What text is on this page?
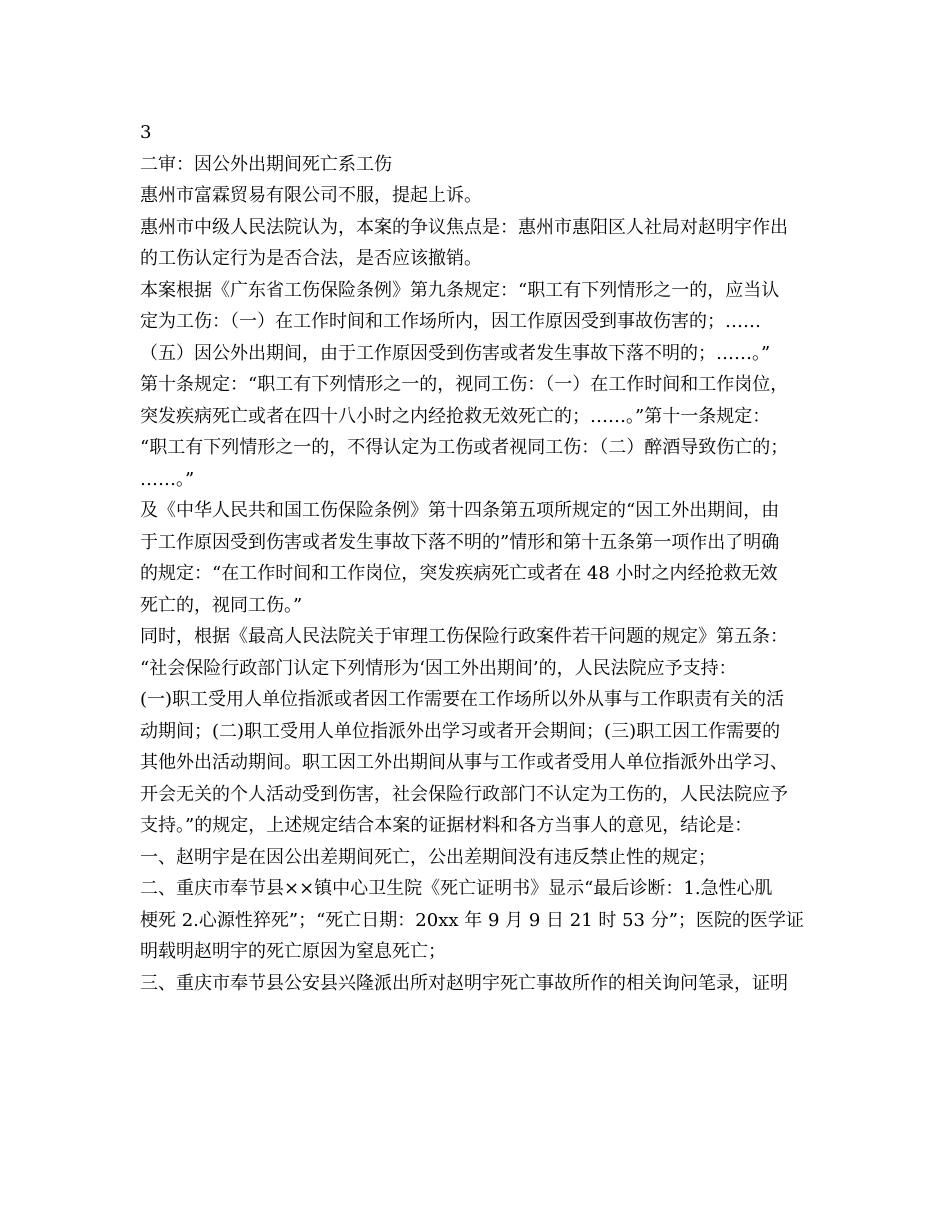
3

二审：因公外出期间死亡系工伤

惠州市富霖贸易有限公司不服，提起上诉。

惠州市中级人民法院认为，本案的争议焦点是：惠州市惠阳区人社局对赵明宇作出

的工伤认定行为是否合法，是否应该撤销。

本案根据《广东省工伤保险条例》第九条规定：“职工有下列情形之一的，应当认

定为工伤：（一）在工作时间和工作场所内，因工作原因受到事故伤害的；……

（五）因公外出期间，由于工作原因受到伤害或者发生事故下落不明的；……。”

第十条规定：“职工有下列情形之一的，视同工伤：（一）在工作时间和工作岗位，

突发疾病死亡或者在四十八小时之内经抢救无效死亡的；……。”第十一条规定：

“职工有下列情形之一的，不得认定为工伤或者视同工伤：（二）醉酒导致伤亡的；

……。”

及《中华人民共和国工伤保险条例》第十四条第五项所规定的“因工外出期间，由

于工作原因受到伤害或者发生事故下落不明的”情形和第十五条第一项作出了明确

的规定：“在工作时间和工作岗位，突发疾病死亡或者在 48 小时之内经抢救无效

死亡的，视同工伤。”

同时，根据《最高人民法院关于审理工伤保险行政案件若干问题的规定》第五条：

“社会保险行政部门认定下列情形为‘因工外出期间’的，人民法院应予支持：

(一)职工受用人单位指派或者因工作需要在工作场所以外从事与工作职责有关的活

动期间；(二)职工受用人单位指派外出学习或者开会期间；(三)职工因工作需要的

其他外出活动期间。职工因工外出期间从事与工作或者受用人单位指派外出学习、

开会无关的个人活动受到伤害，社会保险行政部门不认定为工伤的，人民法院应予

支持。”的规定，上述规定结合本案的证据材料和各方当事人的意见，结论是：

一、赵明宇是在因公出差期间死亡，公出差期间没有违反禁止性的规定；

二、重庆市奉节县××镇中心卫生院《死亡证明书》显示“最后诊断：1.急性心肌

梗死 2.心源性猝死”；“死亡日期：20xx 年 9 月 9 日 21 时 53 分”；医院的医学证

明载明赵明宇的死亡原因为窒息死亡；

三、重庆市奉节县公安县兴隆派出所对赵明宇死亡事故所作的相关询问笔录，证明
